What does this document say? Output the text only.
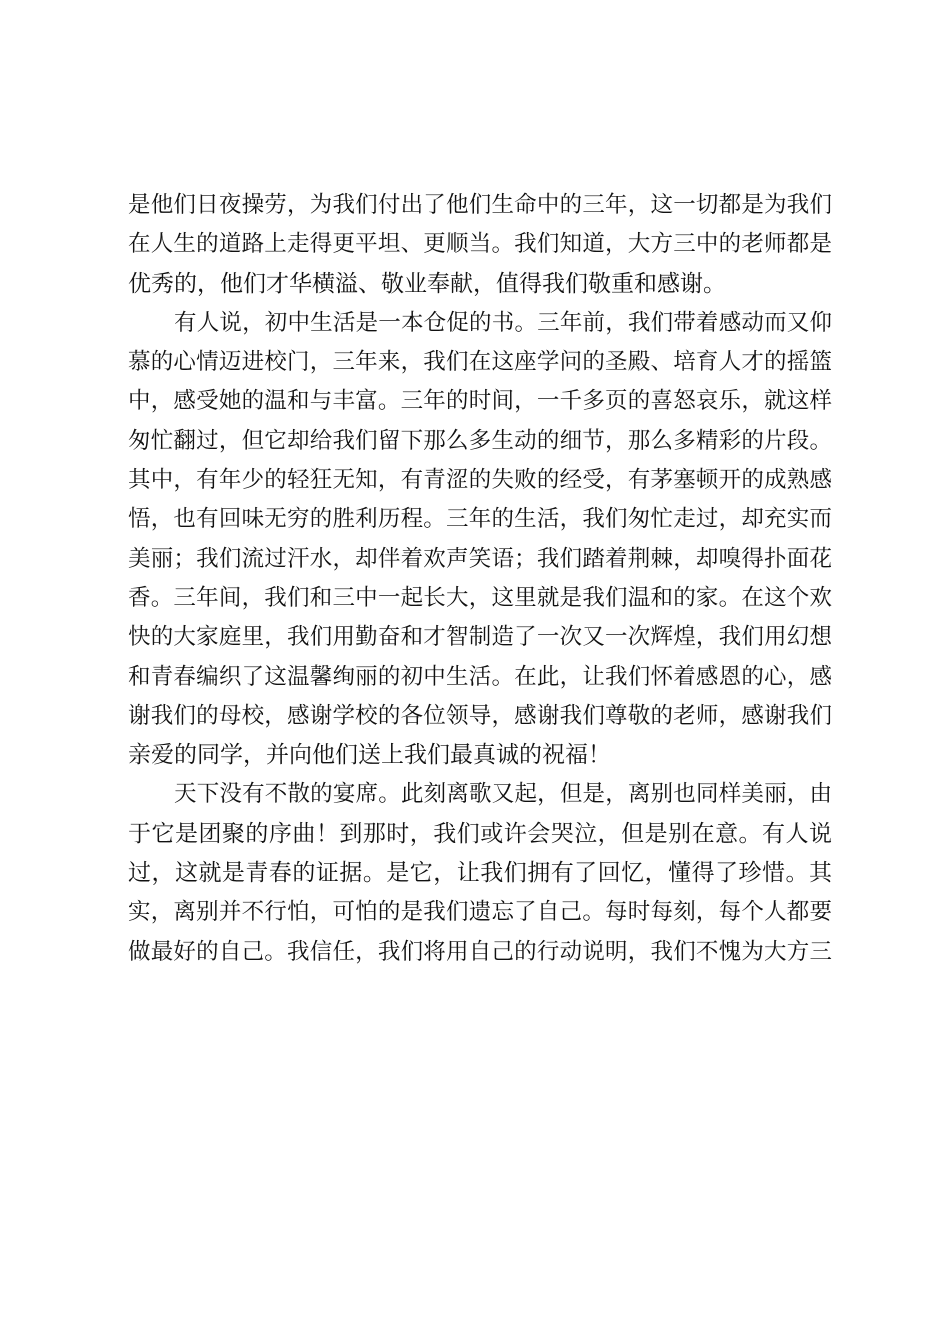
是他们日夜操劳，为我们付出了他们生命中的三年，这一切都是为我们

在人生的道路上走得更平坦、更顺当。我们知道，大方三中的老师都是

优秀的，他们才华横溢、敬业奉献，值得我们敬重和感谢。

有人说，初中生活是一本仓促的书。三年前，我们带着感动而又仰

慕的心情迈进校门，三年来，我们在这座学问的圣殿、培育人才的摇篮

中，感受她的温和与丰富。三年的时间，一千多页的喜怒哀乐，就这样

匆忙翻过，但它却给我们留下那么多生动的细节，那么多精彩的片段。

其中，有年少的轻狂无知，有青涩的失败的经受，有茅塞顿开的成熟感

悟，也有回味无穷的胜利历程。三年的生活，我们匆忙走过，却充实而

美丽；我们流过汗水，却伴着欢声笑语；我们踏着荆棘，却嗅得扑面花

香。三年间，我们和三中一起长大，这里就是我们温和的家。在这个欢

快的大家庭里，我们用勤奋和才智制造了一次又一次辉煌，我们用幻想

和青春编织了这温馨绚丽的初中生活。在此，让我们怀着感恩的心，感

谢我们的母校，感谢学校的各位领导，感谢我们尊敬的老师，感谢我们

亲爱的同学，并向他们送上我们最真诚的祝福！

天下没有不散的宴席。此刻离歌又起，但是，离别也同样美丽，由

于它是团聚的序曲！到那时，我们或许会哭泣，但是别在意。有人说

过，这就是青春的证据。是它，让我们拥有了回忆，懂得了珍惜。其

实，离别并不行怕，可怕的是我们遗忘了自己。每时每刻，每个人都要

做最好的自己。我信任，我们将用自己的行动说明，我们不愧为大方三
